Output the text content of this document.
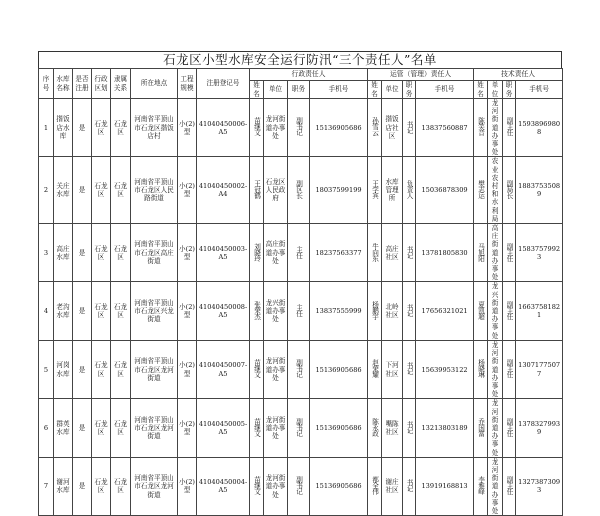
石龙区小型水库安全运行防汛“三个责任人”名单
序号	水库名称	是否注册	行政区划	隶属关系	所在地点	工程规模	注册登记号	行政责任人				运管（管理）责任人				技术责任人			
								姓名	单位	职务	手机号	姓名	单位	职务	手机号	姓名	单位	职务	手机号
1	揩饭店水库	是	石龙区	石龙区	河南省平顶山市石龙区揩饭店村	小(2)型	41040450006-A5	苗继文	龙河街道办事处	副书记	15136905686	孙雪云	揩饭店社区	书记	13837560887	陈笑音	龙河街道办事处	副主任	15938969808
2	关庄水库	是	石龙区	石龙区	河南省平顶山市石龙区人民路街道	小(2)型	41040450002-A4	王冠鹤	石龙区人民政府	副区长	18037599199	王学宾	水库管理所	负责人	15036878309	樊志运	农业农村和水利局	副局长	18837535089
3	高庄水库	是	石龙区	石龙区	河南省平顶山市石龙区高庄街道	小(2)型	41040450003-A5	刘晓玲	高庄街道办事处	主任	18237563377	牛向东	高庄社区	书记	13781805830	马旭阳	高庄街道办事处	副主任	15837579923
4	老沟水库	是	石龙区	石龙区	河南省平顶山市石龙区兴龙街道	小(2)型	41040450008-A5	张荣杰	龙兴街道办事处	主任	13837555999	杨鹏宇	北岭社区	书记	17656321021	夏凯超	龙兴街道办事处	副主任	16637581821
5	河岗水库	是	石龙区	石龙区	河南省平顶山市石龙区龙河街道	小(2)型	41040450007-A5	苗继文	龙河街道办事处	副书记	15136905686	赵荣耀	下河社区	书记	15639953122	杨晓琳	龙河街道办事处	副主任	13071775077
6	群英水库	是	石龙区	石龙区	河南省平顶山市石龙区龙河街道	小(2)型	41040450005-A5	苗继文	龙河街道办事处	副书记	15136905686	陈永政	嘴陈社区	书记	13213803189	乔国富	龙河街道办事处	副主任	13783279939
7	谢河水库	是	石龙区	石龙区	河南省平顶山市石龙区龙河街道	小(2)型	41040450004-A5	苗继文	龙河街道办事处	副书记	15136905686	都全伟	谢庄社区	书记	13919168813	李雅峰	龙河街道办事处	副主任	13273873093
